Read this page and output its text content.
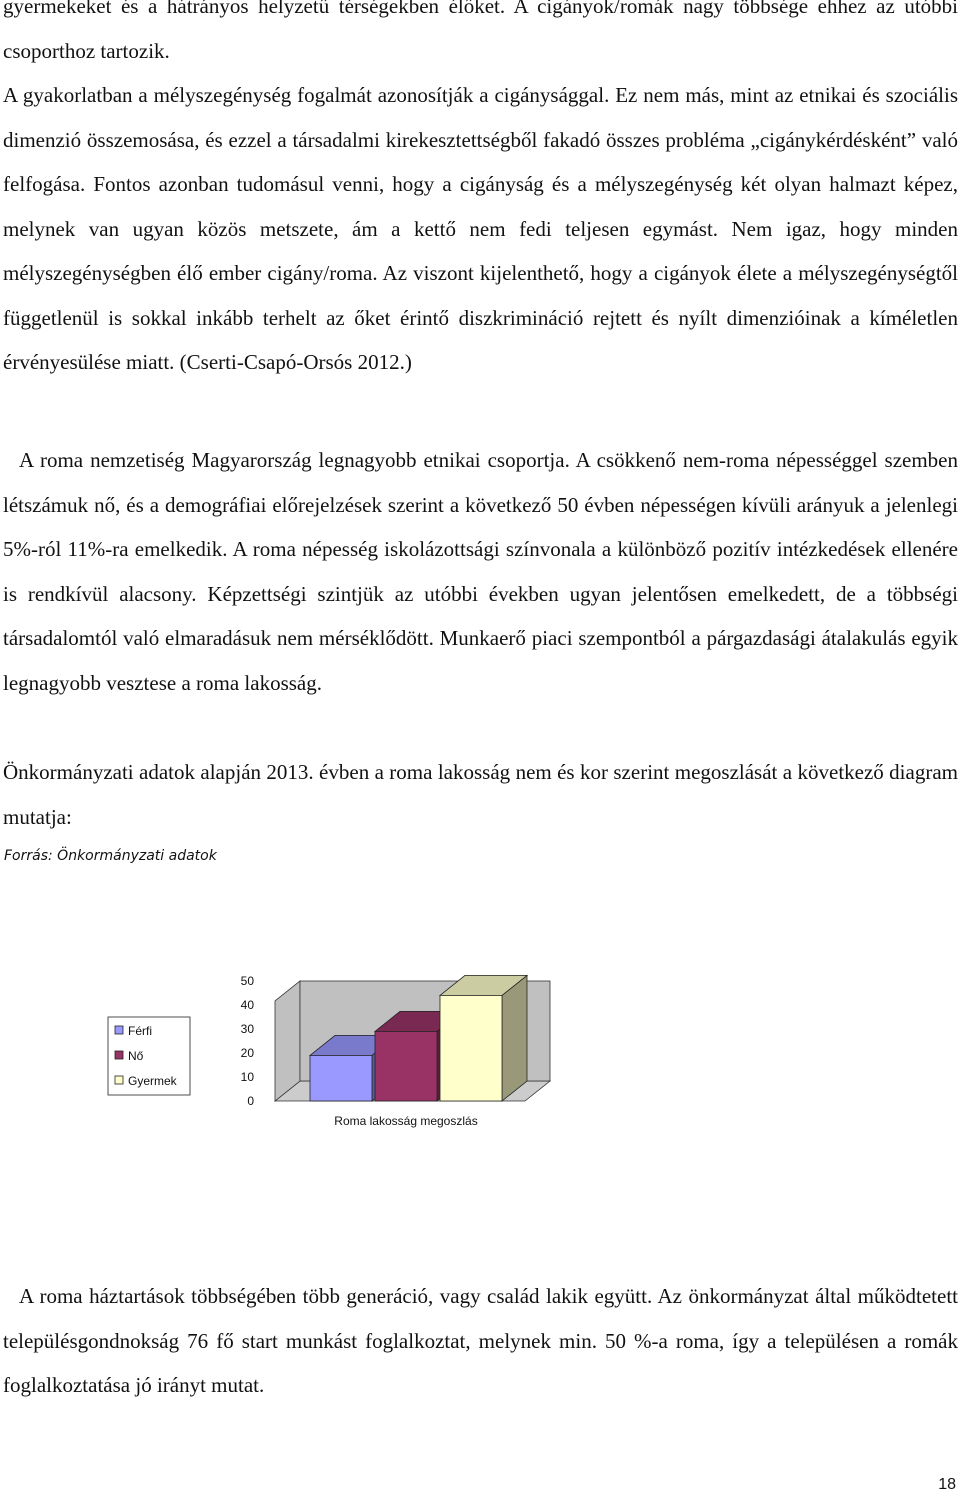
gyermekeket és a hátrányos helyzetű térségekben élőket. A cigányok/romák nagy többsége ehhez az utóbbi csoporthoz tartozik.

A gyakorlatban a mélyszegénység fogalmát azonosítják a cigánysággal. Ez nem más, mint az etnikai és szociális dimenzió összemosása, és ezzel a társadalmi kirekesztettségből fakadó összes probléma „cigánykérdésként” való felfogása. Fontos azonban tudomásul venni, hogy a cigányság és a mélyszegénység két olyan halmazt képez, melynek van ugyan közös metszete, ám a kettő nem fedi teljesen egymást. Nem igaz, hogy minden mélyszegénységben élő ember cigány/roma. Az viszont kijelenthető, hogy a cigányok élete a mélyszegénységtől függetlenül is sokkal inkább terhelt az őket érintő diszkrimináció rejtett és nyílt dimenzióinak a kíméletlen érvényesülése miatt. (Cserti-Csapó-Orsós 2012.)

A roma nemzetiség Magyarország legnagyobb etnikai csoportja. A csökkenő nem-roma népességgel szemben létszámuk nő, és a demográfiai előrejelzések szerint a következő 50 évben népességen kívüli arányuk a jelenlegi 5%-ról 11%-ra emelkedik. A roma népesség iskolázottsági színvonala a különböző pozitív intézkedések ellenére is rendkívül alacsony. Képzettségi szintjük az utóbbi években ugyan jelentősen emelkedett, de a többségi társadalomtól való elmaradásuk nem mérséklődött. Munkaerő piaci szempontból a párgazdasági átalakulás egyik legnagyobb vesztese a roma lakosság.

Önkormányzati adatok alapján 2013. évben a roma lakosság nem és kor szerint megoszlását a következő diagram mutatja:

Forrás: Önkormányzati adatok
Férfi
Nő
Gyermek
0
10
20
30
40
50
Roma lakosság megoszlás

A roma háztartások többségében több generáció, vagy család lakik együtt. Az önkormányzat által működtetett településgondnokság 76 fő start munkást foglalkoztat, melynek min. 50 %-a roma, így a településen a romák foglalkoztatása jó irányt mutat.

18
